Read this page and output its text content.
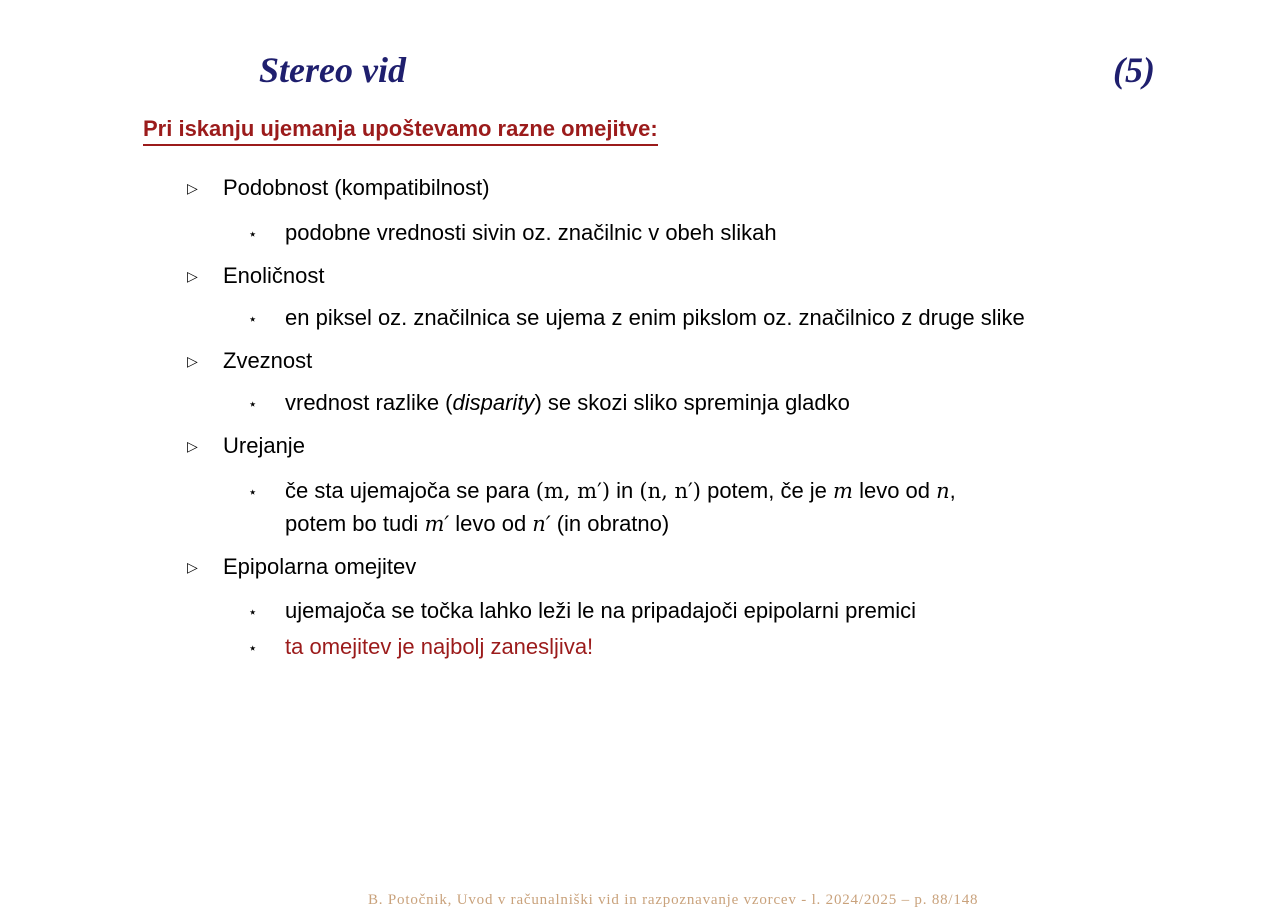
Stereo vid	(5)
Pri iskanju ujemanja upoštevamo razne omejitve:
▷ Podobnost (kompatibilnost)
⋆ podobne vrednosti sivin oz. značilnic v obeh slikah
▷ Enoličnost
⋆ en piksel oz. značilnica se ujema z enim pikslom oz. značilnico z druge slike
▷ Zveznost
⋆ vrednost razlike (disparity) se skozi sliko spreminja gladko
▷ Urejanje
⋆ če sta ujemajoča se para (m, m′) in (n, n′) potem, če je m levo od n,
potem bo tudi m′ levo od n′ (in obratno)
▷ Epipolarna omejitev
⋆ ujemajoča se točka lahko leži le na pripadajoči epipolarni premici
⋆ ta omejitev je najbolj zanesljiva!
B. Potočnik, Uvod v računalniški vid in razpoznavanje vzorcev - l. 2024/2025 – p. 88/148
